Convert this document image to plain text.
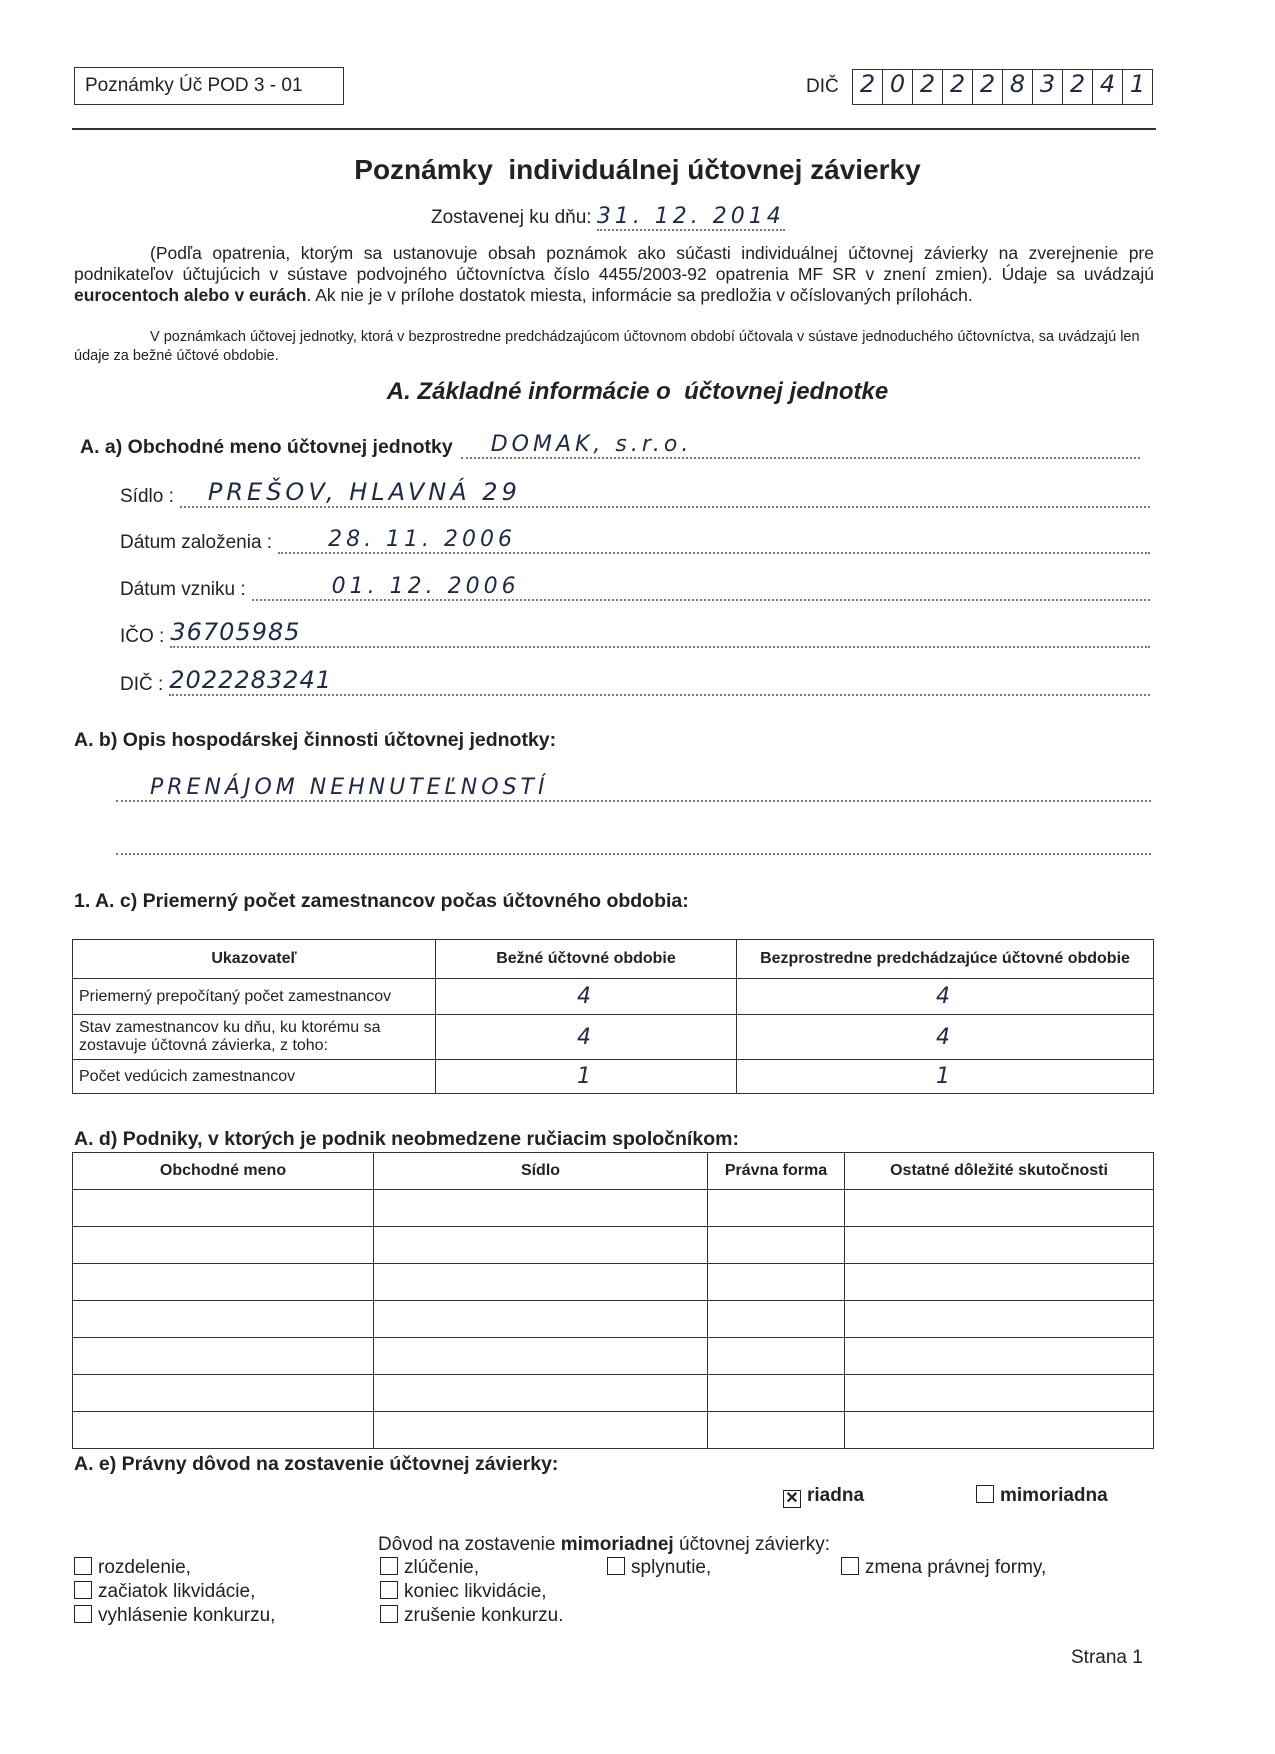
Poznámky Úč POD 3 - 01	DIČ 2 0 2 2 2 8 3 2 4 1
Poznámky  individuálnej účtovnej závierky
Zostavenej ku dňu: 31. 12. 2014
(Podľa opatrenia, ktorým sa ustanovuje obsah poznámok ako súčasti individuálnej účtovnej závierky na zverejnenie pre podnikateľov účtujúcich v sústave podvojného účtovníctva číslo 4455/2003-92 opatrenia MF SR v znení zmien). Údaje sa uvádzajú eurocentoch alebo v eurách. Ak nie je v prílohe dostatok miesta, informácie sa predložia v očíslovaných prílohách.
V poznámkach účtovej jednotky, ktorá v bezprostredne predchádzajúcom účtovnom období účtovala v sústave jednoduchého účtovníctva, sa uvádzajú len údaje za bežné účtové obdobie.
A. Základné informácie o  účtovnej jednotke
A. a) Obchodné meno účtovnej jednotky	DOMAK, s.r.o.
Sídlo :	PREŠOV, HLAVNÁ 29
Dátum založenia :	28. 11. 2006
Dátum vzniku :	01. 12. 2006
IČO : 36705985
DIČ : 2022283241
A. b) Opis hospodárskej činnosti účtovnej jednotky:
PRENÁJOM NEHNUTEĽNOSTÍ
1. A. c) Priemerný počet zamestnancov počas účtovného obdobia:
Ukazovateľ	Bežné účtovné obdobie	Bezprostredne predchádzajúce účtovné obdobie
Priemerný prepočítaný počet zamestnancov	4	4
Stav zamestnancov ku dňu, ku ktorému sa zostavuje účtovná závierka, z toho:	4	4
Počet vedúcich zamestnancov	1	1
A. d) Podniky, v ktorých je podnik neobmedzene ručiacim spoločníkom:
Obchodné meno	Sídlo	Právna forma	Ostatné dôležité skutočnosti

A. e) Právny dôvod na zostavenie účtovnej závierky:
✕ riadna	mimoriadna
Dôvod na zostavenie mimoriadnej účtovnej závierky:
rozdelenie,
začiatok likvidácie,
vyhlásenie konkurzu,
zlúčenie,
koniec likvidácie,
zrušenie konkurzu.
splynutie,	zmena právnej formy,
Strana 1
